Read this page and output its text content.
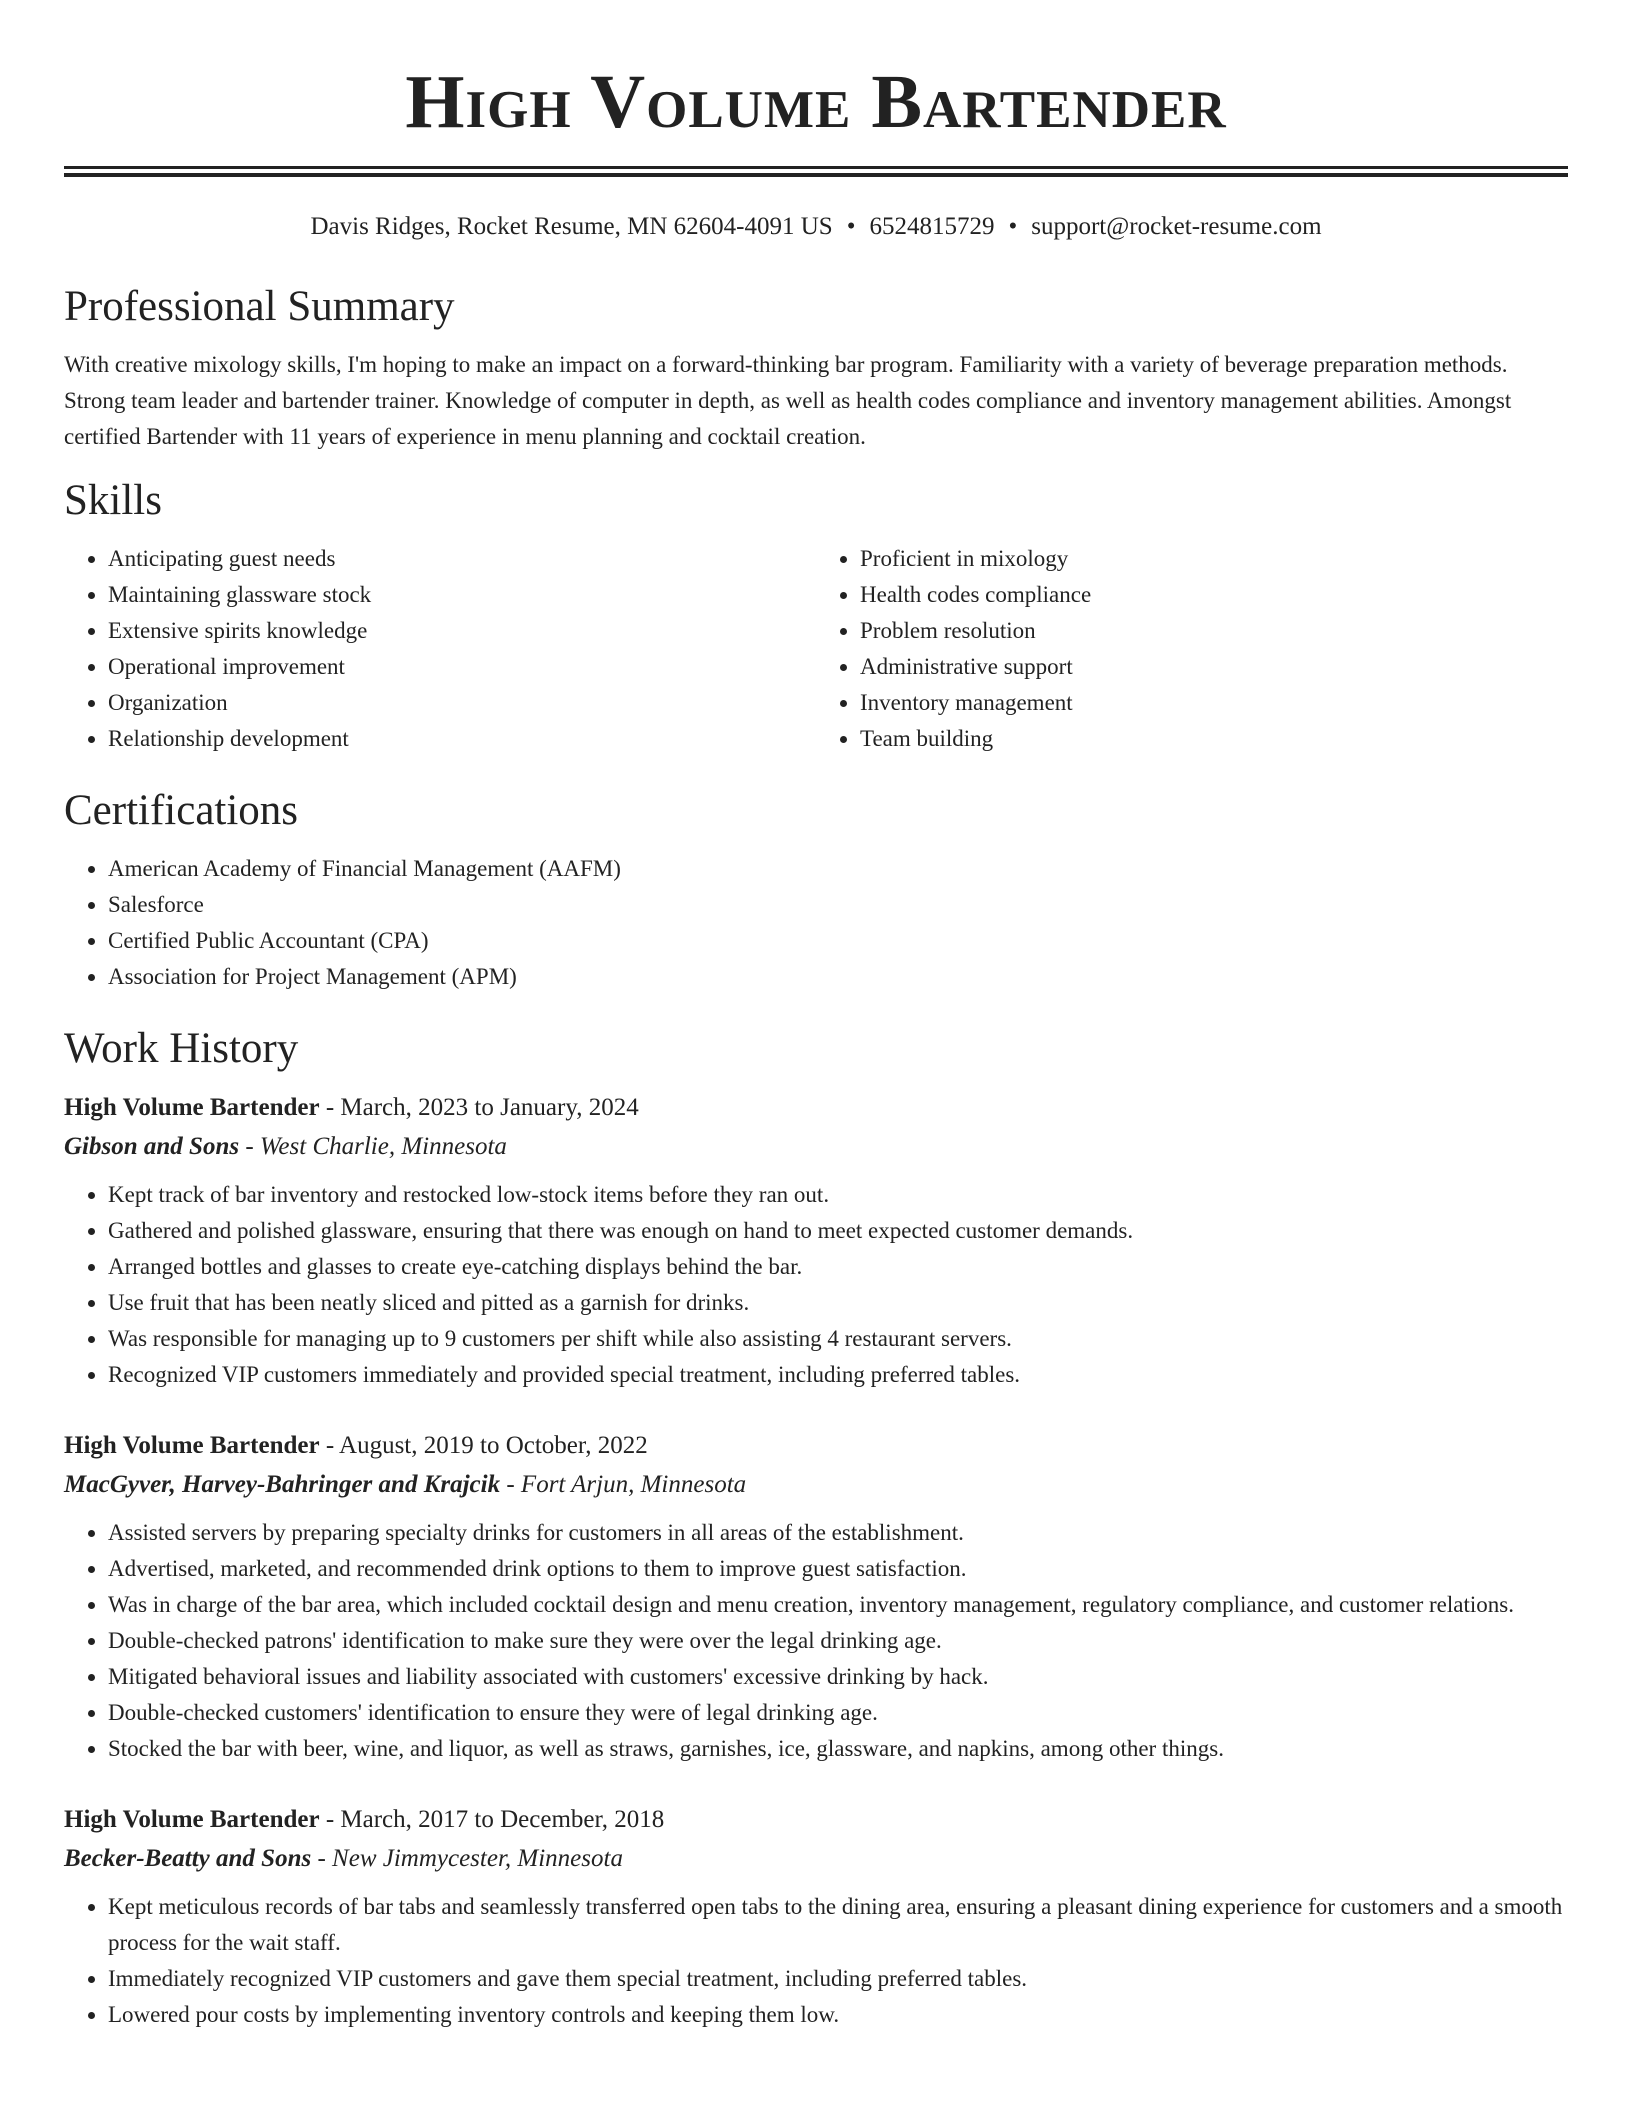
High Volume Bartender
Davis Ridges, Rocket Resume, MN 62604-4091 US • 6524815729 • support@rocket-resume.com
Professional Summary

With creative mixology skills, I'm hoping to make an impact on a forward-thinking bar program. Familiarity with a variety of beverage preparation methods. Strong team leader and bartender trainer. Knowledge of computer in depth, as well as health codes compliance and inventory management abilities. Amongst certified Bartender with 11 years of experience in menu planning and cocktail creation.

Skills
• Anticipating guest needs
• Maintaining glassware stock
• Extensive spirits knowledge
• Operational improvement
• Organization
• Relationship development
• Proficient in mixology
• Health codes compliance
• Problem resolution
• Administrative support
• Inventory management
• Team building
Certifications
• American Academy of Financial Management (AAFM)
• Salesforce
• Certified Public Accountant (CPA)
• Association for Project Management (APM)
Work History
High Volume Bartender - March, 2023 to January, 2024
Gibson and Sons - West Charlie, Minnesota
• Kept track of bar inventory and restocked low-stock items before they ran out.
• Gathered and polished glassware, ensuring that there was enough on hand to meet expected customer demands.
• Arranged bottles and glasses to create eye-catching displays behind the bar.
• Use fruit that has been neatly sliced and pitted as a garnish for drinks.
• Was responsible for managing up to 9 customers per shift while also assisting 4 restaurant servers.
• Recognized VIP customers immediately and provided special treatment, including preferred tables.
High Volume Bartender - August, 2019 to October, 2022
MacGyver, Harvey-Bahringer and Krajcik - Fort Arjun, Minnesota
• Assisted servers by preparing specialty drinks for customers in all areas of the establishment.
• Advertised, marketed, and recommended drink options to them to improve guest satisfaction.
• Was in charge of the bar area, which included cocktail design and menu creation, inventory management, regulatory compliance, and customer relations.
• Double-checked patrons' identification to make sure they were over the legal drinking age.
• Mitigated behavioral issues and liability associated with customers' excessive drinking by hack.
• Double-checked customers' identification to ensure they were of legal drinking age.
• Stocked the bar with beer, wine, and liquor, as well as straws, garnishes, ice, glassware, and napkins, among other things.
High Volume Bartender - March, 2017 to December, 2018
Becker-Beatty and Sons - New Jimmycester, Minnesota
• Kept meticulous records of bar tabs and seamlessly transferred open tabs to the dining area, ensuring a pleasant dining experience for customers and a smooth process for the wait staff.
• Immediately recognized VIP customers and gave them special treatment, including preferred tables.
• Lowered pour costs by implementing inventory controls and keeping them low.
